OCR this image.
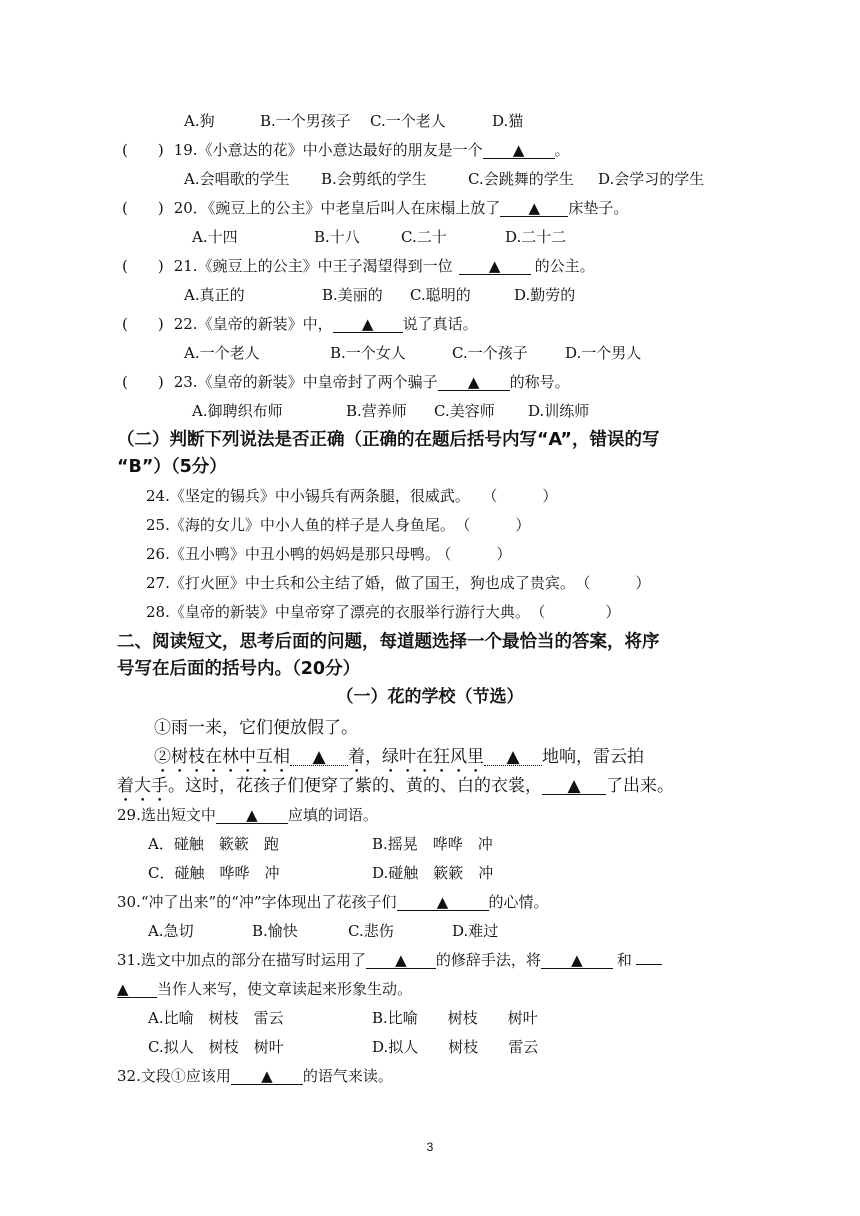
A.狗	B.一个男孩子 C.一个老人	D.猫
(　　) 19.《小意达的花》中小意达最好的朋友是一个 ▲ 。
A.会唱歌的学生 B.会剪纸的学生	C.会跳舞的学生 D.会学习的学生
(　　) 20．《豌豆上的公主》中老皇后叫人在床榻上放了 ▲ 床垫子。
A.十四	B.十八	C.二十	D.二十二
(　　) 21.《豌豆上的公主》中王子渴望得到一位 ▲ 的公主。
A.真正的	B.美丽的 C.聪明的	D.勤劳的
(　　) 22.《皇帝的新装》中， ▲ 说了真话。
A.一个老人	B.一个女人	C.一个孩子 D.一个男人
(　　) 23.《皇帝的新装》中皇帝封了两个骗子 ▲ 的称号。
A.御聘织布师	B.营养师 C.美容师 D.训练师
（二）判断下列说法是否正确（正确的在题后括号内写“A”，错误的写
“B”）（5分）
24.《坚定的锡兵》中小锡兵有两条腿，很威武。 （　　　）
25.《海的女儿》中小人鱼的样子是人身鱼尾。 （　　　）
26.《丑小鸭》中丑小鸭的妈妈是那只母鸭。 （　　　）
27.《打火匣》中士兵和公主结了婚，做了国王，狗也成了贵宾。 （　　　）
28.《皇帝的新装》中皇帝穿了漂亮的衣服举行游行大典。 （　　　　）
二、阅读短文，思考后面的问题，每道题选择一个最恰当的答案，将序
号写在后面的括号内。（20分）
（一）花的学校（节选）
①雨一来，它们便放假了。
②树枝在林中互相 ▲ 着，绿叶在狂风里 ▲ 地响，雷云拍
着大手。这时，花孩子们便穿了紫的、黄的、白的衣裳， ▲ 了出来。
29.选出短文中 ▲ 应填的词语。
A．碰触　簌簌　跑	B.摇晃　哗哗　冲
C．碰触　哗哗　冲	D.碰触　簌簌　冲
30.“冲了出来”的“冲”字体现出了花孩子们	▲	的心情。
A.急切	B.愉快	C.悲伤	D.难过
31.选文中加点的部分在描写时运用了 ▲ 的修辞手法，将 ▲ 和
▲ 当作人来写，使文章读起来形象生动。
A.比喻　树枝　雷云	B.比喻　　树枝　　树叶
C.拟人　树枝　树叶	D.拟人　　树枝　　雷云
32.文段①应该用 ▲ 的语气来读。
3
